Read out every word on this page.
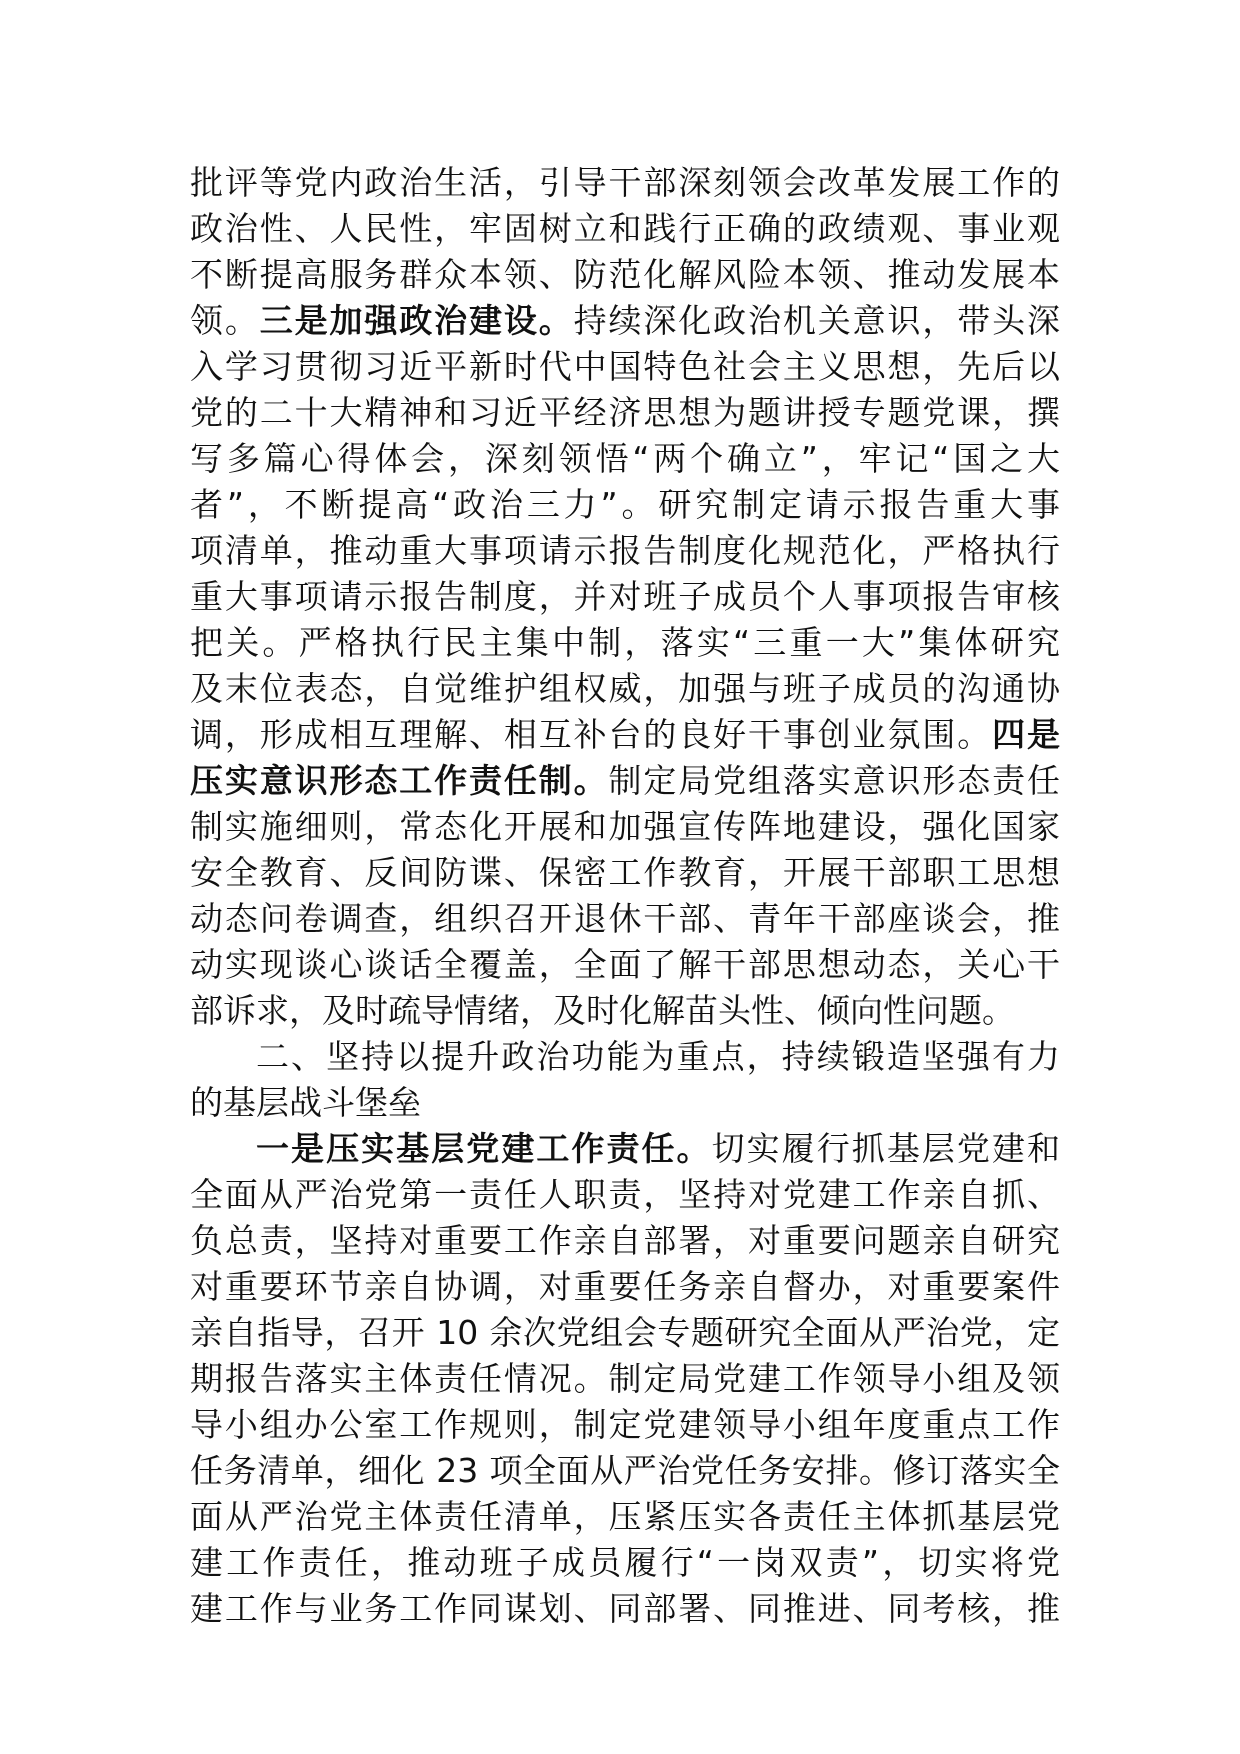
批评等党内政治生活，引导干部深刻领会改革发展工作的
政治性、人民性，牢固树立和践行正确的政绩观、事业观
不断提高服务群众本领、防范化解风险本领、推动发展本
领。三是加强政治建设。持续深化政治机关意识，带头深
入学习贯彻习近平新时代中国特色社会主义思想，先后以
党的二十大精神和习近平经济思想为题讲授专题党课，撰
写多篇心得体会，深刻领悟“两个确立”，牢记“国之大
者”，不断提高“政治三力”。研究制定请示报告重大事
项清单，推动重大事项请示报告制度化规范化，严格执行
重大事项请示报告制度，并对班子成员个人事项报告审核
把关。严格执行民主集中制，落实“三重一大”集体研究
及末位表态，自觉维护组权威，加强与班子成员的沟通协
调，形成相互理解、相互补台的良好干事创业氛围。四是
压实意识形态工作责任制。制定局党组落实意识形态责任
制实施细则，常态化开展和加强宣传阵地建设，强化国家
安全教育、反间防谍、保密工作教育，开展干部职工思想
动态问卷调查，组织召开退休干部、青年干部座谈会，推
动实现谈心谈话全覆盖，全面了解干部思想动态，关心干
部诉求，及时疏导情绪，及时化解苗头性、倾向性问题。
二、坚持以提升政治功能为重点，持续锻造坚强有力
的基层战斗堡垒
一是压实基层党建工作责任。切实履行抓基层党建和
全面从严治党第一责任人职责，坚持对党建工作亲自抓、
负总责，坚持对重要工作亲自部署，对重要问题亲自研究
对重要环节亲自协调，对重要任务亲自督办，对重要案件
亲自指导，召开 10 余次党组会专题研究全面从严治党，定
期报告落实主体责任情况。制定局党建工作领导小组及领
导小组办公室工作规则，制定党建领导小组年度重点工作
任务清单，细化 23 项全面从严治党任务安排。修订落实全
面从严治党主体责任清单，压紧压实各责任主体抓基层党
建工作责任，推动班子成员履行“一岗双责”，切实将党
建工作与业务工作同谋划、同部署、同推进、同考核，推
